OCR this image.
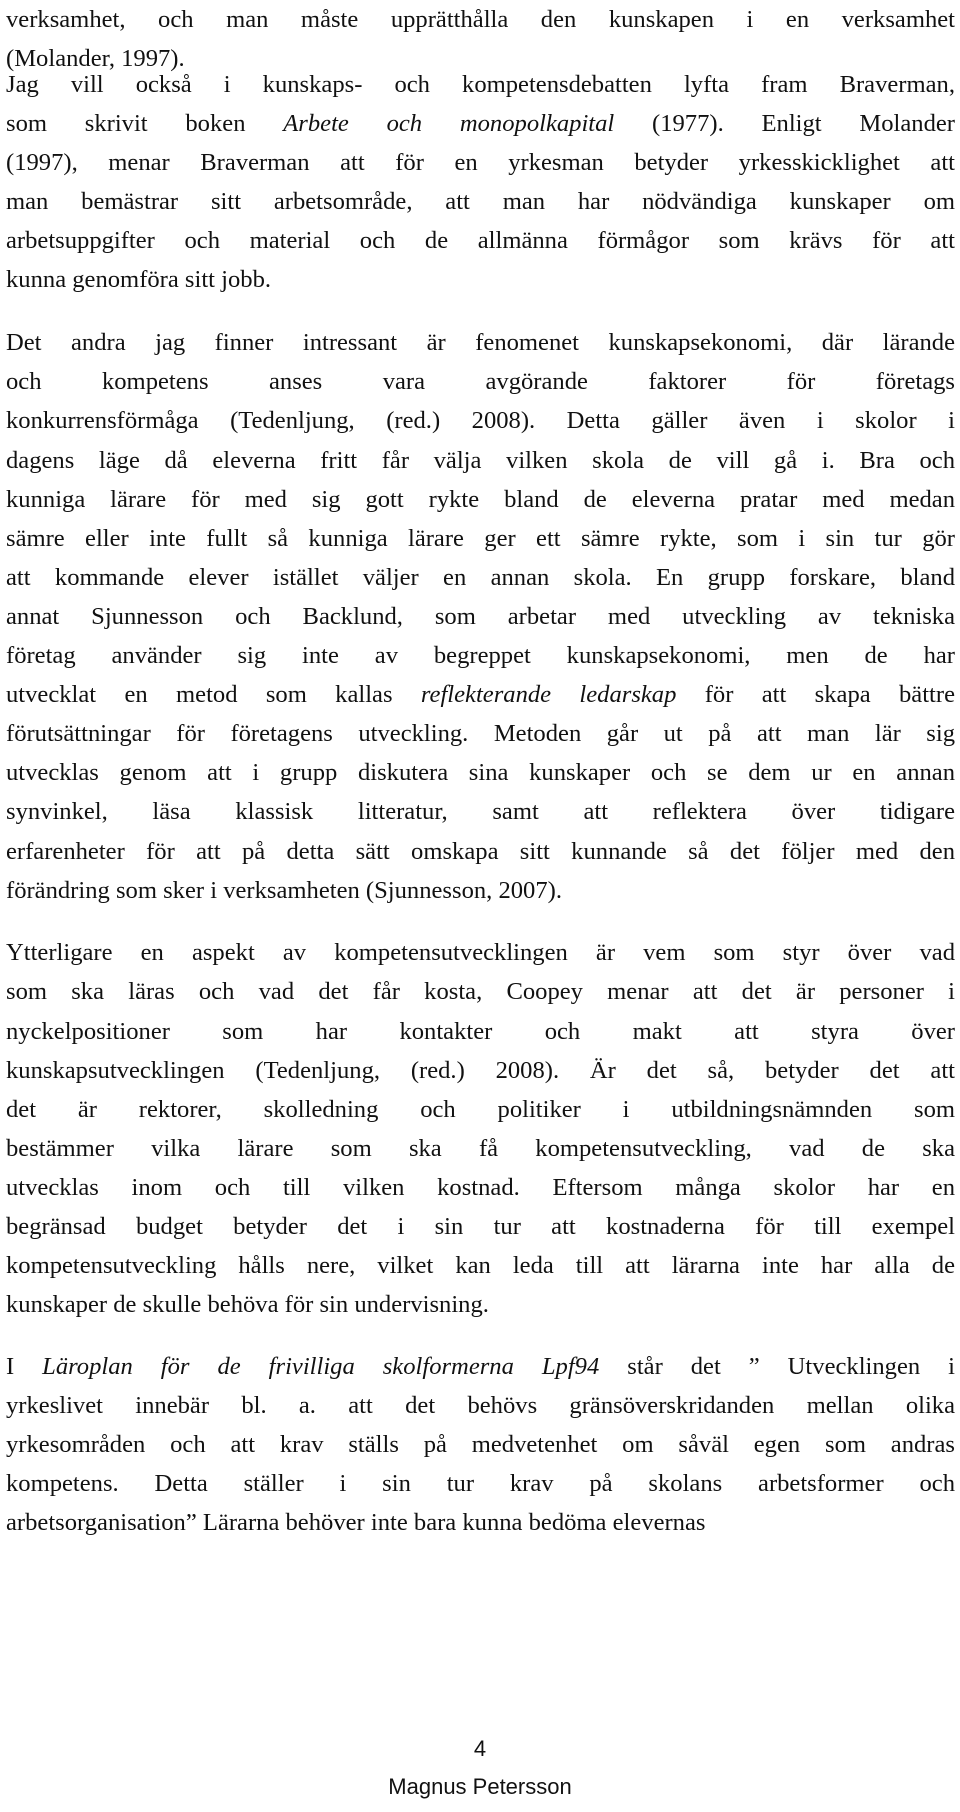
verksamhet, och man måste upprätthålla den kunskapen i en verksamhet
(Molander, 1997).
Jag vill också i kunskaps- och kompetensdebatten lyfta fram Braverman,
som skrivit boken Arbete och monopolkapital (1977). Enligt Molander
(1997), menar Braverman att för en yrkesman betyder yrkesskicklighet att
man bemästrar sitt arbetsområde, att man har nödvändiga kunskaper om
arbetsuppgifter och material och de allmänna förmågor som krävs för att
kunna genomföra sitt jobb.
Det andra jag finner intressant är fenomenet kunskapsekonomi, där lärande
och kompetens anses vara avgörande faktorer för företags
konkurrensförmåga (Tedenljung, (red.) 2008). Detta gäller även i skolor i
dagens läge då eleverna fritt får välja vilken skola de vill gå i. Bra och
kunniga lärare för med sig gott rykte bland de eleverna pratar med medan
sämre eller inte fullt så kunniga lärare ger ett sämre rykte, som i sin tur gör
att kommande elever istället väljer en annan skola. En grupp forskare, bland
annat Sjunnesson och Backlund, som arbetar med utveckling av tekniska
företag använder sig inte av begreppet kunskapsekonomi, men de har
utvecklat en metod som kallas reflekterande ledarskap för att skapa bättre
förutsättningar för företagens utveckling. Metoden går ut på att man lär sig
utvecklas genom att i grupp diskutera sina kunskaper och se dem ur en annan
synvinkel, läsa klassisk litteratur, samt att reflektera över tidigare
erfarenheter för att på detta sätt omskapa sitt kunnande så det följer med den
förändring som sker i verksamheten (Sjunnesson, 2007).
Ytterligare en aspekt av kompetensutvecklingen är vem som styr över vad
som ska läras och vad det får kosta, Coopey menar att det är personer i
nyckelpositioner som har kontakter och makt att styra över
kunskapsutvecklingen (Tedenljung, (red.) 2008). Är det så, betyder det att
det är rektorer, skolledning och politiker i utbildningsnämnden som
bestämmer vilka lärare som ska få kompetensutveckling, vad de ska
utvecklas inom och till vilken kostnad. Eftersom många skolor har en
begränsad budget betyder det i sin tur att kostnaderna för till exempel
kompetensutveckling hålls nere, vilket kan leda till att lärarna inte har alla de
kunskaper de skulle behöva för sin undervisning.
I Läroplan för de frivilliga skolformerna Lpf94 står det ” Utvecklingen i
yrkeslivet innebär bl. a. att det behövs gränsöverskridanden mellan olika
yrkesområden och att krav ställs på medvetenhet om såväl egen som andras
kompetens. Detta ställer i sin tur krav på skolans arbetsformer och
arbetsorganisation” Lärarna behöver inte bara kunna bedöma elevernas
4
Magnus Petersson
